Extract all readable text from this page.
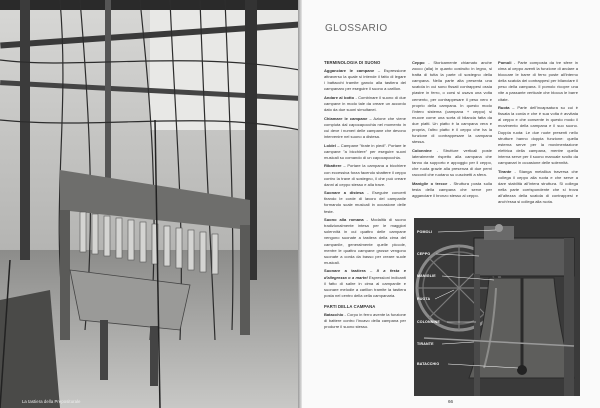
La tastiera della Prepositurale
GLOSSARIO
TERMINOLOGIA DI SUONO

Agganciare le campane – Espressione attraverso la quale si intende il fatto di legare i battacchi tramite gancio alla tastiera del campanaro per eseguire il suono a carillon.

Andare al botto - Combinare il suono di due campane in modo tale da creare un accordo dato da due suoni simultanei.

Chiamare le campane – Azione che viene compiuta dal capocapocchia nel momento in cui deve i numeri delle campane che devono intervenire nel suono a distesa.

Loldel – Campane "tirate in piedi". Portare le campane "a bicchiere" per eseguire suoni musicali su comando di un capocapocchia.

Ribattere – Portare la campana a bicchiere con eccessiva forza facendo sbattere il ceppo contro la trave di sostegno, il che può creare danni al ceppo stesso e alla trave.

Suonare a distesa - Eseguire concerti tirando le corde di lavoro del campanile formando scale musicali in occasione delle feste.

Suono alla romana - Modalità di suono tradizionalmente intesa per le maggiori solennità in cui quattro delle campane vengono suonate a tastiera della cima del campanile, generalmente quelle piccole, mentre le quattro campane grosse vengono suonate a corda da basso per creare suole musicali.

Suonare a tastiera – Il a festa e d'allegrezza o a martel Espressioni indicanti il fatto di salire in cima al campanile e suonare melodie a carillon tramite la tastiera posta nel centro della cella campanaria.

PARTI DELLA CAMPANA

Batacchio - Corpo in ferro avente la funzione di battere contro l'incavo della campana per produrre il suono stesso.

Ceppo - Storicamente chiamato anche zocco (alla) in quanto costruito in legno, si tratta di tutta la parte di sostegno della campana. Nella parte alta presenta una scatola in cui sono fissati contrappesi ossia piastre in ferro, o corsi si usava una volta cemento, per contrappesare il peso vero e proprio della campana. In questo modo l'intero sistema (campana + ceppo) si muove come una sorta di bilancia fatta da due piatti. Un piatto è la campana vera e propria, l'altro piatto è il ceppo che ha la funzione di contrappesare la campana stessa.

Colonnine - Strutture verticali poste lateralmente rispetto alla campana che fanno da supporto e appoggio per il ceppo, che ruota grazie alla presenza di due perni raccordi che ruotano su cuscinetti a sfera.

Maniglie o trecce - Struttura posta sulla testa della campana che serve per agganciare il bronzo stesso al ceppo.

Pomoli - Parte composta da tre sfere in cima al ceppo aventi la funzione di andare a bloccare le barre di ferro poste all'interno della scatola dei contrappesi per bilanciare il peso della campana. Il pomolo ricopre una vite a passante verticale che blocca le barre citate.

Ruota – Parte dell'incapsatura su cui è fissata la corda e che è sua volta è avvitata al ceppo e che consente in questo modo il movimento della campana e il suo suono. Doppia ruota: Le due ruote presenti nello strutture hanno doppia funzione: quella esterna serve per la movimentazione elettrica della campana, mentre quella interna serve per il suono manuale svolto da campanari in occasione delle solennità.

Tirante - Stanga metallica traversa che collega il ceppo alla ruota e che serve a dare stabilità all'intera struttura. Si collega nella parte corrispondente che si trova all'altezza della scatola di contrappesi e anch'essa si collega alla ruota.

POMOLI
CEPPO
MANIGLIE
RUOTA
COLONNINE
TIRANTE
BATACCHIO
66
